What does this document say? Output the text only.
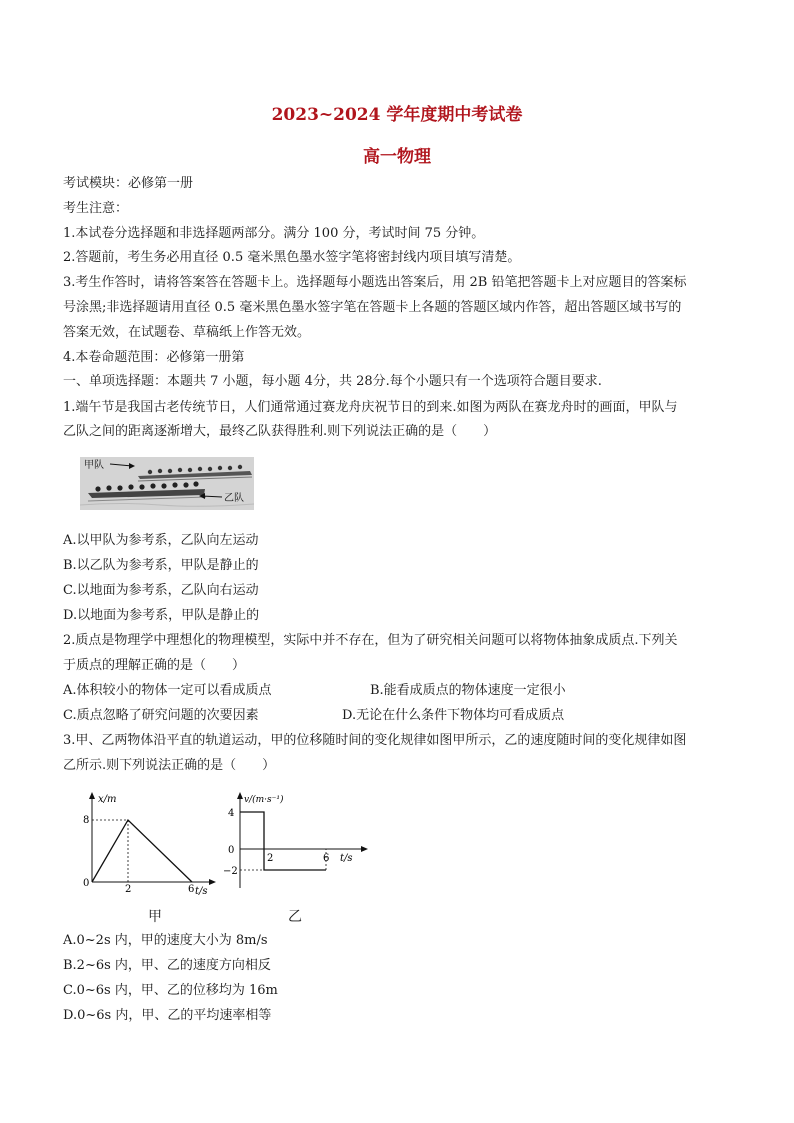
2023~2024 学年度期中考试卷
高一物理
考试模块：必修第一册
考生注意：
1.本试卷分选择题和非选择题两部分。满分 100 分，考试时间 75 分钟。
2.答题前，考生务必用直径 0.5 毫米黑色墨水签字笔将密封线内项目填写清楚。
3.考生作答时，请将答案答在答题卡上。选择题每小题选出答案后，用 2B 铅笔把答题卡上对应题目的答案标
号涂黑;非选择题请用直径 0.5 毫米黑色墨水签字笔在答题卡上各题的答题区域内作答，超出答题区域书写的
答案无效，在试题卷、草稿纸上作答无效。
4.本卷命题范围：必修第一册第
一、单项选择题：本题共 7 小题，每小题 4分，共 28分.每个小题只有一个选项符合题目要求.
1.端午节是我国古老传统节日，人们通常通过赛龙舟庆祝节日的到来.如图为两队在赛龙舟时的画面，甲队与
乙队之间的距离逐渐增大，最终乙队获得胜利.则下列说法正确的是（　　）
甲队
乙队
A.以甲队为参考系，乙队向左运动
B.以乙队为参考系，甲队是静止的
C.以地面为参考系，乙队向右运动
D.以地面为参考系，甲队是静止的
2.质点是物理学中理想化的物理模型，实际中并不存在，但为了研究相关问题可以将物体抽象成质点.下列关
于质点的理解正确的是（　　）
A.体积较小的物体一定可以看成质点	B.能看成质点的物体速度一定很小
C.质点忽略了研究问题的次要因素	D.无论在什么条件下物体均可看成质点
3.甲、乙两物体沿平直的轨道运动，甲的位移随时间的变化规律如图甲所示，乙的速度随时间的变化规律如图
乙所示.则下列说法正确的是（　　）
x/m
t/s
8
0
2	6
v/(m·s⁻¹)
t/s
4
0
−2
2	6
甲	乙
A.0~2s 内，甲的速度大小为 8m/s
B.2~6s 内，甲、乙的速度方向相反
C.0~6s 内，甲、乙的位移均为 16m
D.0~6s 内，甲、乙的平均速率相等
